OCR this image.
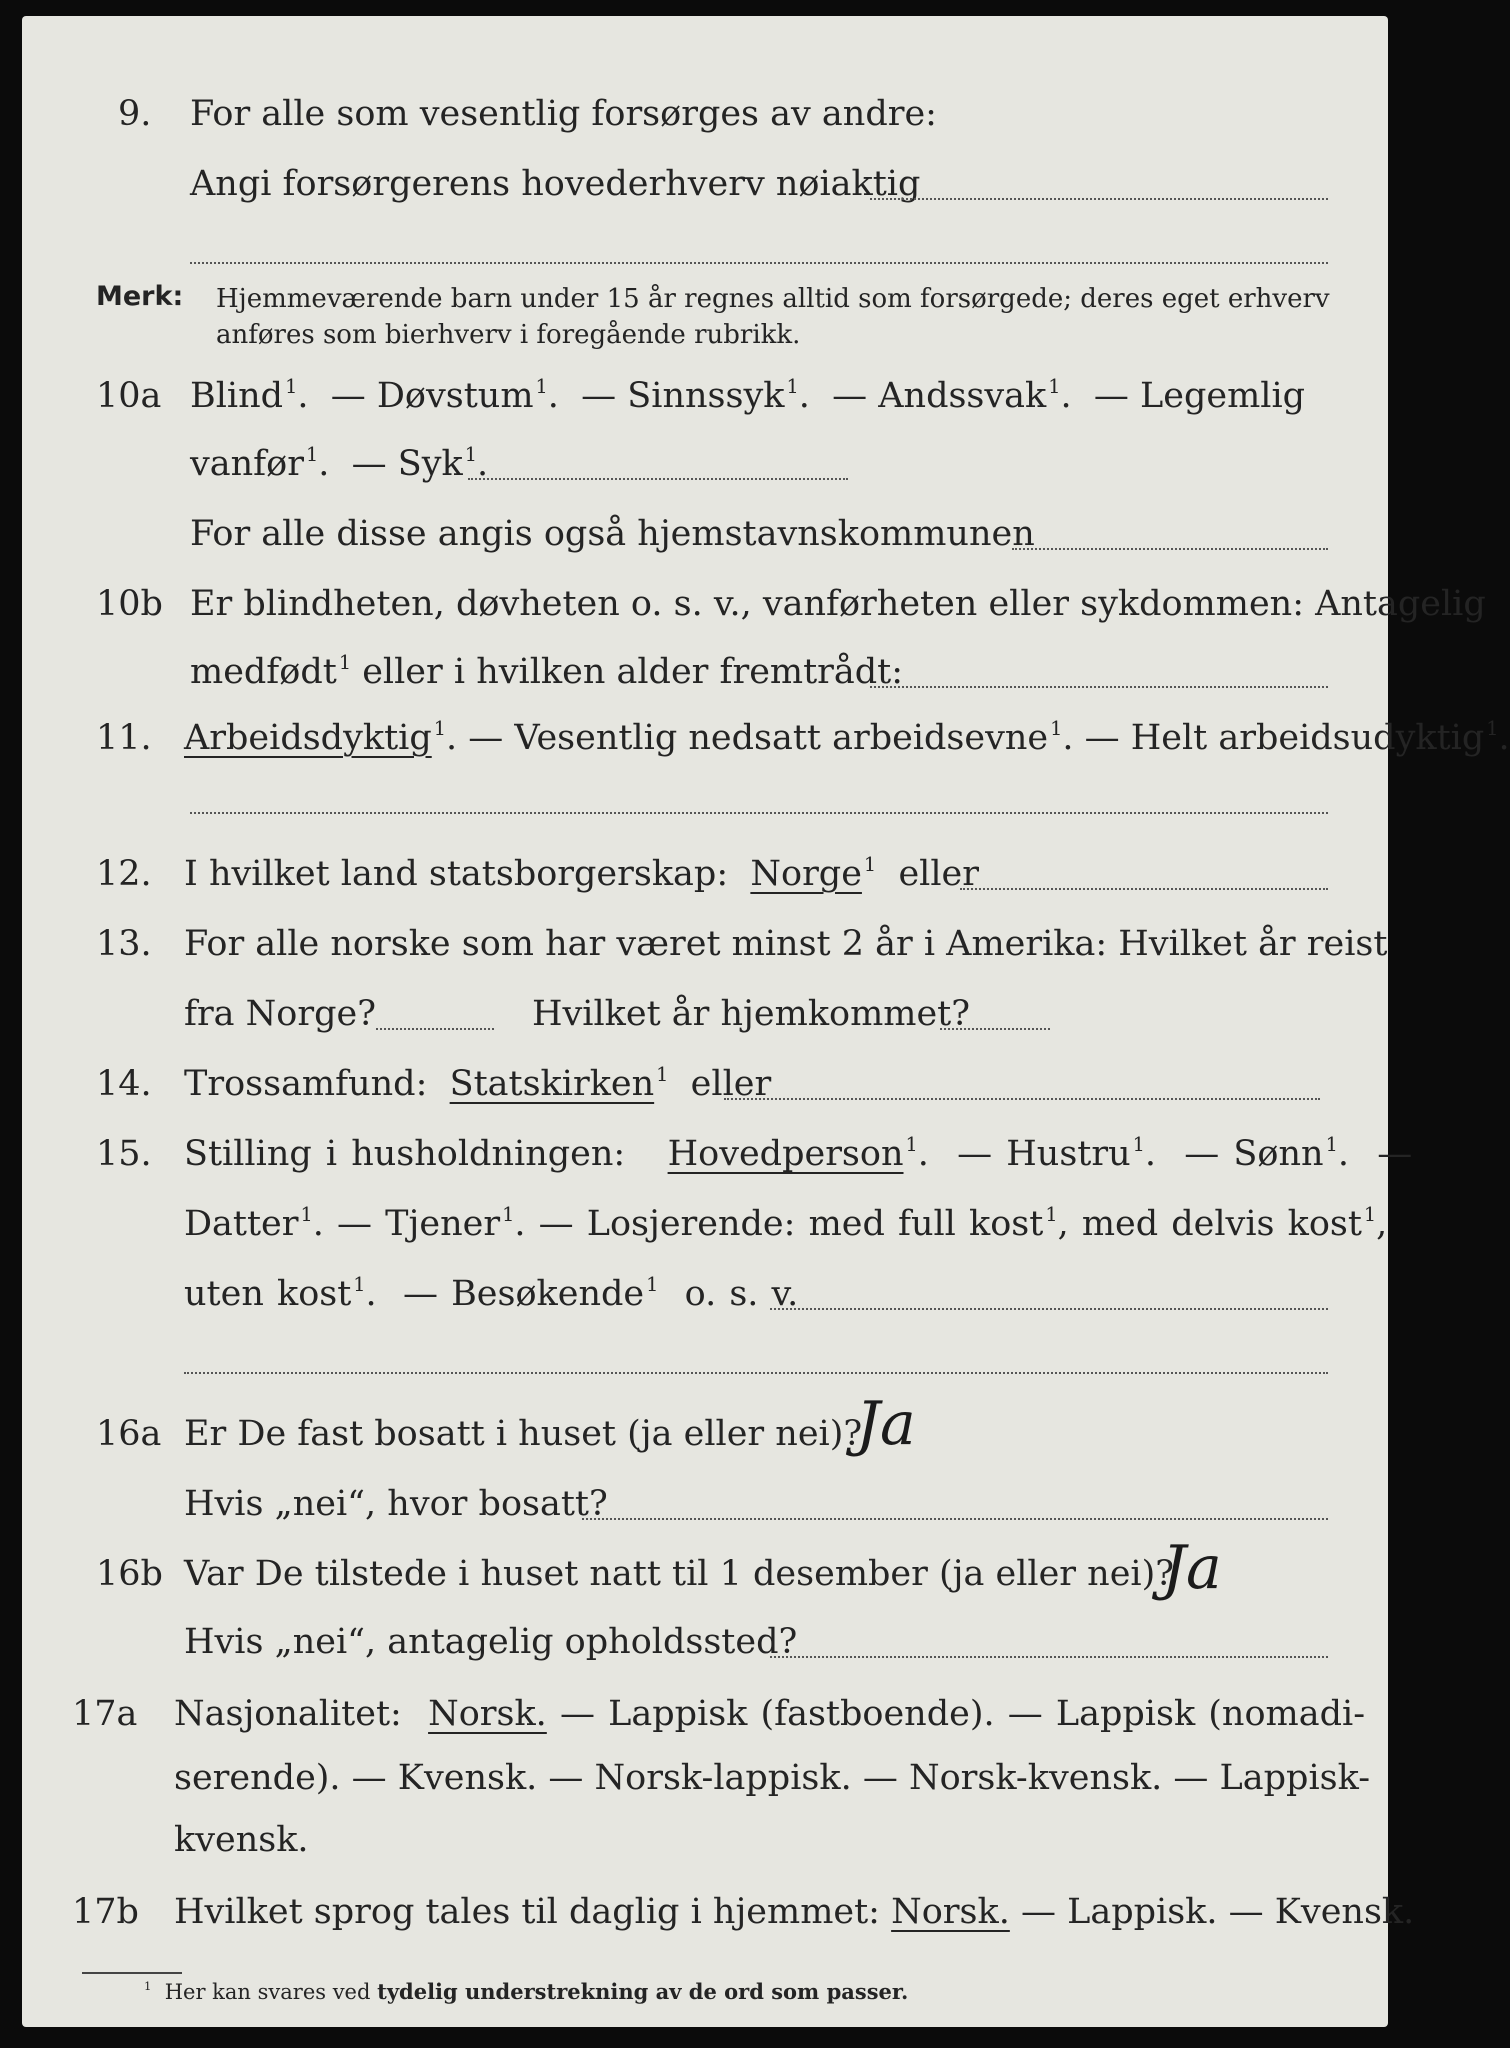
9. For alle som vesentlig forsørges av andre:
Angi forsørgerens hovederhverv nøiaktig
Merk: Hjemmeværende barn under 15 år regnes alltid som forsørgede; deres eget erhverv
anføres som bierhverv i foregående rubrikk.
10a Blind $^1$. — Døvstum $^1$. — Sinnssyk $^1$. — Andssvak $^1$. — Legemlig
vanfør $^1$. — Syk $^1$.
For alle disse angis også hjemstavnskommunen
10b Er blindheten, døvheten o. s. v., vanførheten eller sykdommen: Antagelig
medfødt $^1$ eller i hvilken alder fremtrådt:
11. Arbeidsdyktig $^1$. — Vesentlig nedsatt arbeidsevne $^1$. — Helt arbeidsudyktig $^1$.
12. I hvilket land statsborgerskap: Norge $^1$ eller
13. For alle norske som har været minst 2 år i Amerika: Hvilket år reist
fra Norge?	Hvilket år hjemkommet?
14. Trossamfund: Statskirken $^1$ eller
15. Stilling i husholdningen: Hovedperson $^1$.  — Hustru $^1$.  — Sønn $^1$.  —
Datter $^1$. — Tjener $^1$. — Losjerende: med full kost $^1$, med delvis kost $^1$,
uten kost $^1$.  — Besøkende $^1$ o. s. v.
16a Er De fast bosatt i huset (ja eller nei)?
Ja
Hvis „nei“, hvor bosatt?
16b Var De tilstede i huset natt til 1 desember (ja eller nei)?
Ja
Hvis „nei“, antagelig opholdssted?
17a Nasjonalitet: Norsk. — Lappisk (fastboende). — Lappisk (nomadi-
serende). — Kvensk. — Norsk-lappisk. — Norsk-kvensk. — Lappisk-
kvensk.
17b Hvilket sprog tales til daglig i hjemmet: Norsk. — Lappisk. — Kvensk.
$^1$ Her kan svares ved tydelig understrekning av de ord som passer.
